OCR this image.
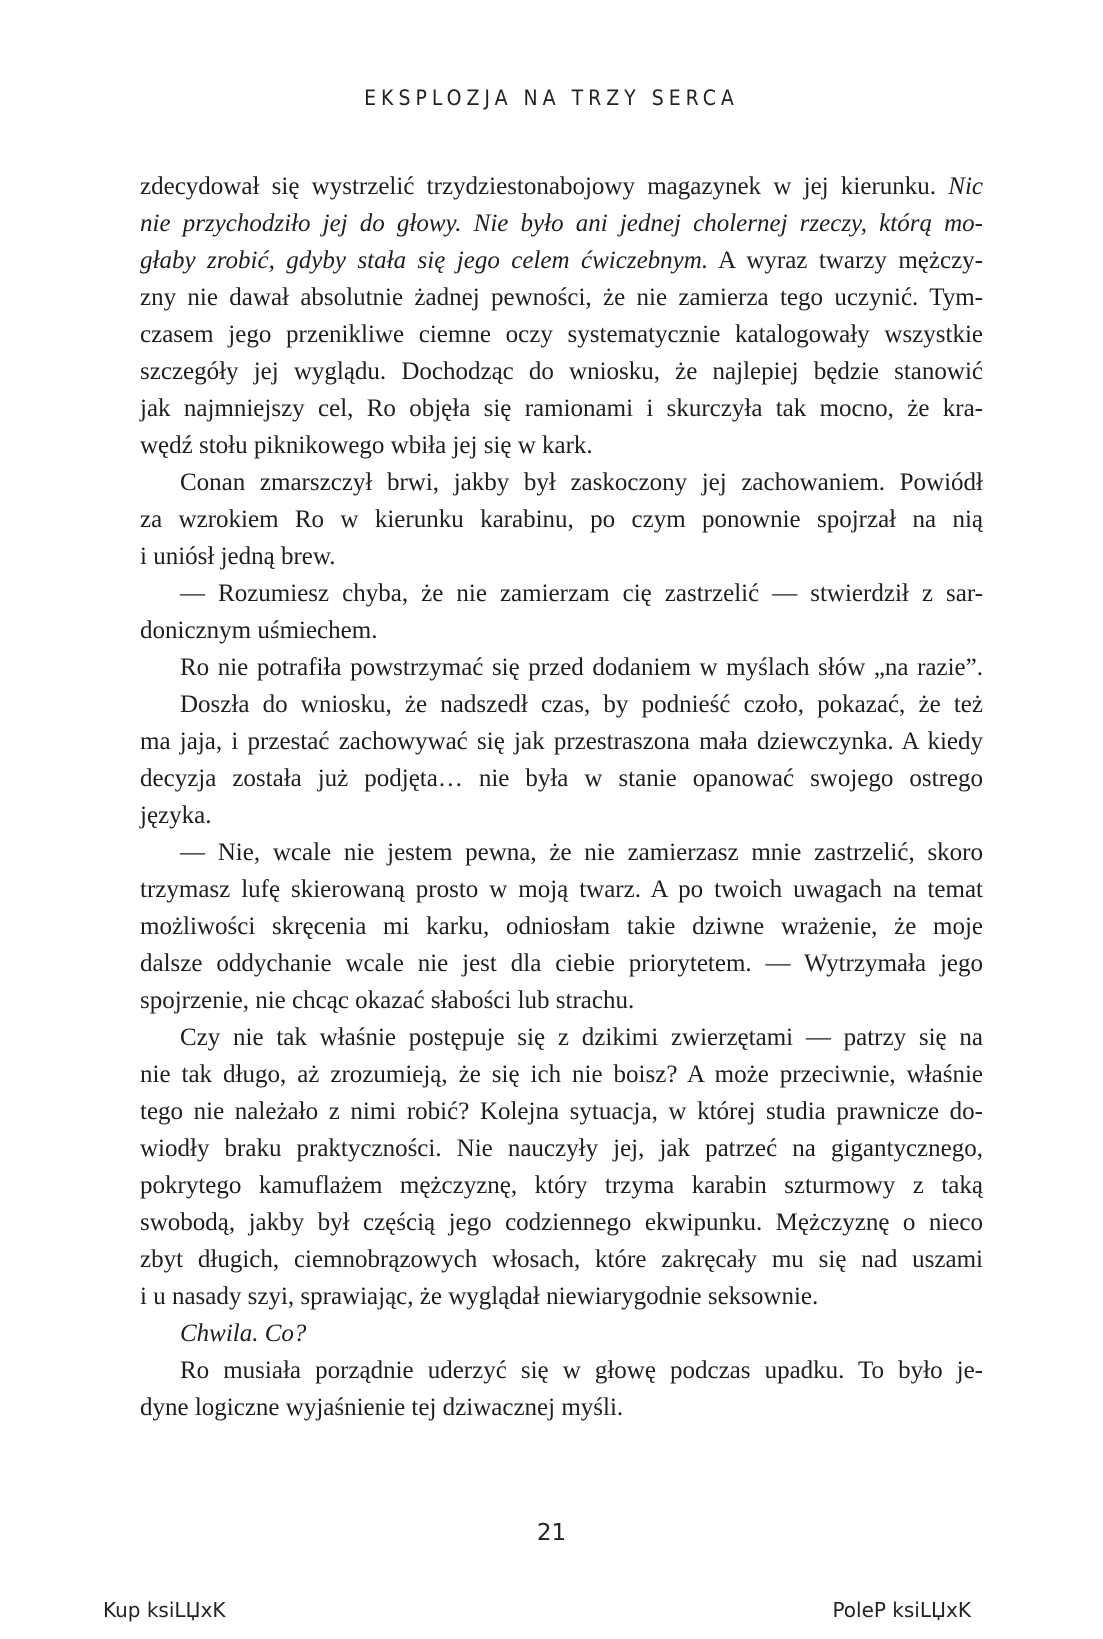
EKSPLOZJA NA TRZY SERCA
zdecydował się wystrzelić trzydziestonabojowy magazynek w jej kierunku. Nic
nie przychodziło jej do głowy. Nie było ani jednej cholernej rzeczy, którą mo-
głaby zrobić, gdyby stała się jego celem ćwiczebnym. A wyraz twarzy mężczy-
zny nie dawał absolutnie żadnej pewności, że nie zamierza tego uczynić. Tym-
czasem jego przenikliwe ciemne oczy systematycznie katalogowały wszystkie
szczegóły jej wyglądu. Dochodząc do wniosku, że najlepiej będzie stanowić
jak najmniejszy cel, Ro objęła się ramionami i skurczyła tak mocno, że kra-
wędź stołu piknikowego wbiła jej się w kark.
Conan zmarszczył brwi, jakby był zaskoczony jej zachowaniem. Powiódł
za wzrokiem Ro w kierunku karabinu, po czym ponownie spojrzał na nią
i uniósł jedną brew.
— Rozumiesz chyba, że nie zamierzam cię zastrzelić — stwierdził z sar-
donicznym uśmiechem.
Ro nie potrafiła powstrzymać się przed dodaniem w myślach słów „na razie”.
Doszła do wniosku, że nadszedł czas, by podnieść czoło, pokazać, że też
ma jaja, i przestać zachowywać się jak przestraszona mała dziewczynka. A kiedy
decyzja została już podjęta… nie była w stanie opanować swojego ostrego
języka.
— Nie, wcale nie jestem pewna, że nie zamierzasz mnie zastrzelić, skoro
trzymasz lufę skierowaną prosto w moją twarz. A po twoich uwagach na temat
możliwości skręcenia mi karku, odniosłam takie dziwne wrażenie, że moje
dalsze oddychanie wcale nie jest dla ciebie priorytetem. — Wytrzymała jego
spojrzenie, nie chcąc okazać słabości lub strachu.
Czy nie tak właśnie postępuje się z dzikimi zwierzętami — patrzy się na
nie tak długo, aż zrozumieją, że się ich nie boisz? A może przeciwnie, właśnie
tego nie należało z nimi robić? Kolejna sytuacja, w której studia prawnicze do-
wiodły braku praktyczności. Nie nauczyły jej, jak patrzeć na gigantycznego,
pokrytego kamuflażem mężczyznę, który trzyma karabin szturmowy z taką
swobodą, jakby był częścią jego codziennego ekwipunku. Mężczyznę o nieco
zbyt długich, ciemnobrązowych włosach, które zakręcały mu się nad uszami
i u nasady szyi, sprawiając, że wyglądał niewiarygodnie seksownie.
Chwila. Co?
Ro musiała porządnie uderzyć się w głowę podczas upadku. To było je-
dyne logiczne wyjaśnienie tej dziwacznej myśli.
21
Kup ksiLЏxK	PoleP ksiLЏxK
